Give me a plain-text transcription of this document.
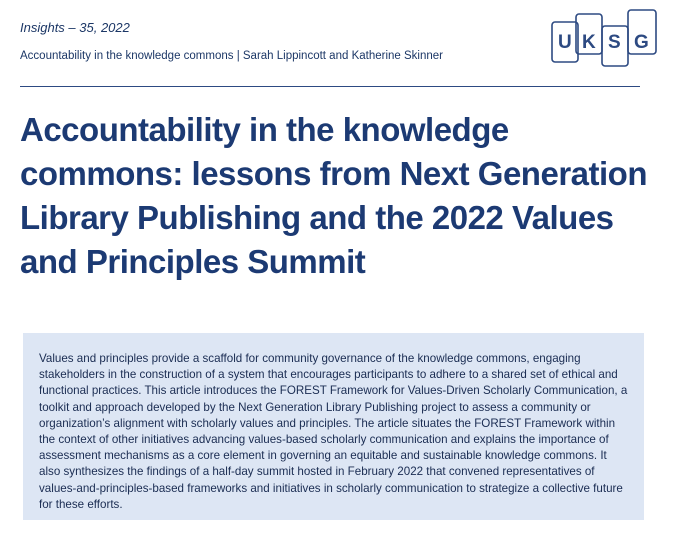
Insights – 35, 2022
Accountability in the knowledge commons | Sarah Lippincott and Katherine Skinner
U K S G
Accountability in the knowledge commons: lessons from Next Generation Library Publishing and the 2022 Values and Principles Summit

Values and principles provide a scaffold for community governance of the knowledge commons, engaging stakeholders in the construction of a system that encourages participants to adhere to a shared set of ethical and functional practices. This article introduces the FOREST Framework for Values-Driven Scholarly Communication, a toolkit and approach developed by the Next Generation Library Publishing project to assess a community or organization’s alignment with scholarly values and principles. The article situates the FOREST Framework within the context of other initiatives advancing values-based scholarly communication and explains the importance of assessment mechanisms as a core element in governing an equitable and sustainable knowledge commons. It also synthesizes the findings of a half-day summit hosted in February 2022 that convened representatives of values-and-principles-based frameworks and initiatives in scholarly communication to strategize a collective future for these efforts.
